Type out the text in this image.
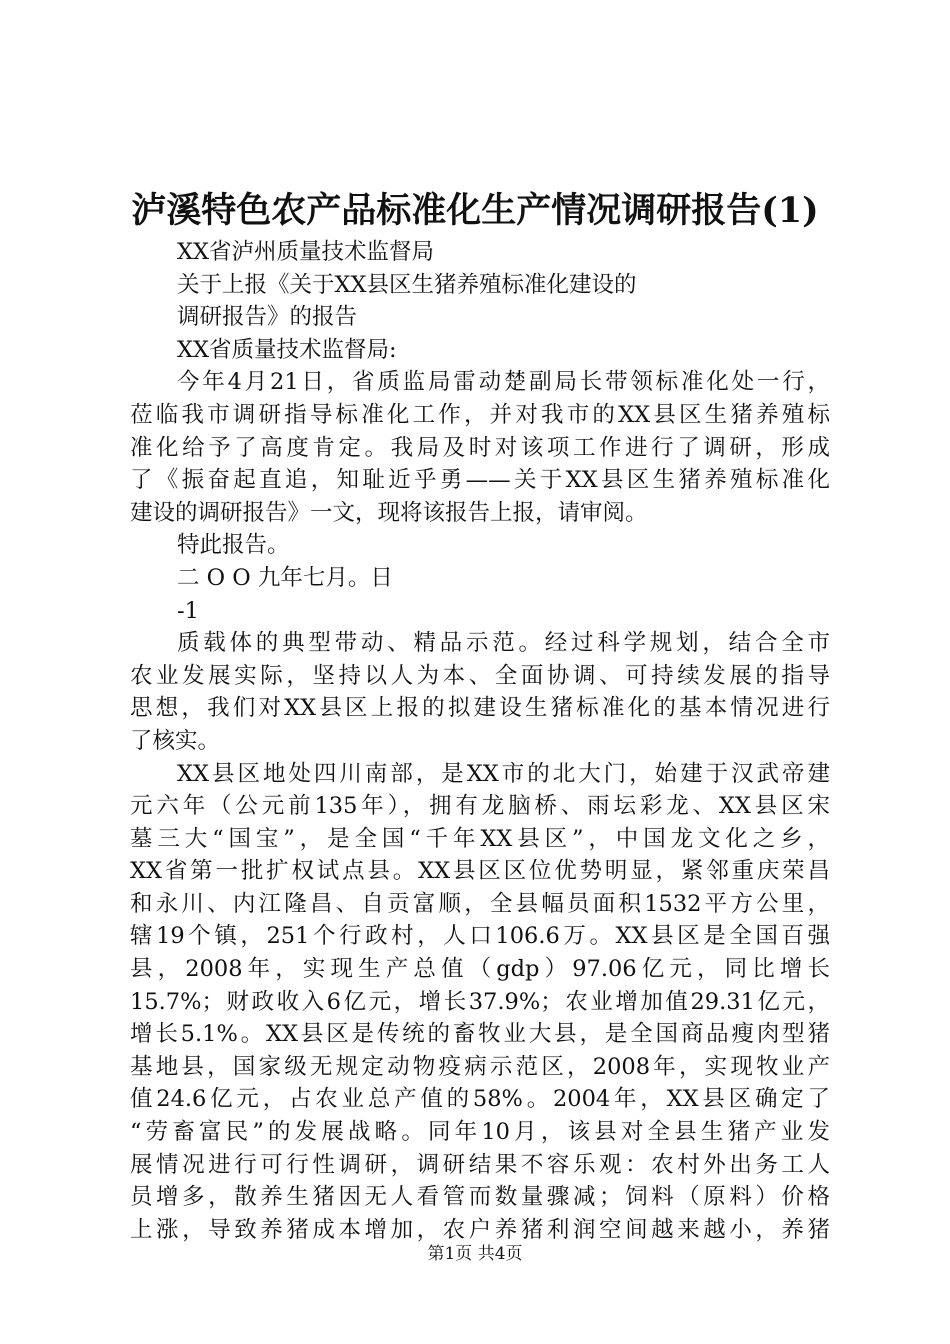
泸溪特色农产品标准化生产情况调研报告(1)
XX省泸州质量技术监督局
关于上报《关于XX县区生猪养殖标准化建设的
调研报告》的报告
XX省质量技术监督局:
今年4月21日，省质监局雷动楚副局长带领标准化处一行，
莅临我市调研指导标准化工作，并对我市的XX县区生猪养殖标
准化给予了高度肯定。我局及时对该项工作进行了调研，形成
了《振奋起直追，知耻近乎勇——关于XX县区生猪养殖标准化
建设的调研报告》一文，现将该报告上报，请审阅。
特此报告。
二 O O 九年七月。日
-1
质载体的典型带动、精品示范。经过科学规划，结合全市
农业发展实际，坚持以人为本、全面协调、可持续发展的指导
思想，我们对XX县区上报的拟建设生猪标准化的基本情况进行
了核实。
XX县区地处四川南部，是XX市的北大门，始建于汉武帝建
元六年（公元前135年），拥有龙脑桥、雨坛彩龙、XX县区宋
墓三大“国宝”，是全国“千年XX县区”，中国龙文化之乡，
XX省第一批扩权试点县。XX县区区位优势明显，紧邻重庆荣昌
和永川、内江隆昌、自贡富顺，全县幅员面积1532平方公里，
辖19个镇，251个行政村，人口106.6万。XX县区是全国百强
县，2008年，实现生产总值（gdp）97.06亿元，同比增长
15.7%；财政收入6亿元，增长37.9%；农业增加值29.31亿元，
增长5.1%。XX县区是传统的畜牧业大县，是全国商品瘦肉型猪
基地县，国家级无规定动物疫病示范区，2008年，实现牧业产
值24.6亿元，占农业总产值的58%。2004年，XX县区确定了
“劳畜富民”的发展战略。同年10月，该县对全县生猪产业发
展情况进行可行性调研，调研结果不容乐观：农村外出务工人
员增多，散养生猪因无人看管而数量骤减；饲料（原料）价格
上涨，导致养猪成本增加，农户养猪利润空间越来越小，养猪
第1页 共4页
